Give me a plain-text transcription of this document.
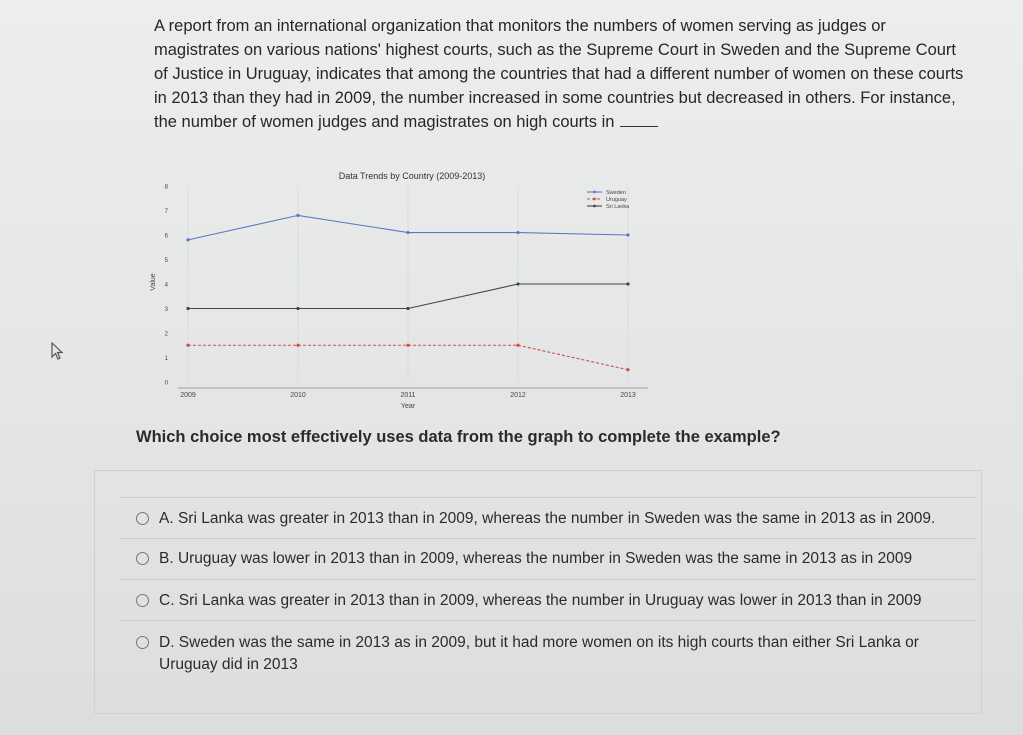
A report from an international organization that monitors the numbers of women serving as judges or magistrates on various nations' highest courts, such as the Supreme Court in Sweden and the Supreme Court of Justice in Uruguay, indicates that among the countries that had a different number of women on these courts in 2013 than they had in 2009, the number increased in some countries but decreased in others. For instance, the number of women judges and magistrates on high courts in
Data Trends by Country (2009-2013)
Value
Year
2009	2010	2011	2012	2013
0
1
2
3
4
5
6
7
8
Sweden
Uruguay
Sri Lanka
Which choice most effectively uses data from the graph to complete the example?
A. Sri Lanka was greater in 2013 than in 2009, whereas the number in Sweden was the same in 2013 as in 2009.
B. Uruguay was lower in 2013 than in 2009, whereas the number in Sweden was the same in 2013 as in 2009
C. Sri Lanka was greater in 2013 than in 2009, whereas the number in Uruguay was lower in 2013 than in 2009
D. Sweden was the same in 2013 as in 2009, but it had more women on its high courts than either Sri Lanka or Uruguay did in 2013
